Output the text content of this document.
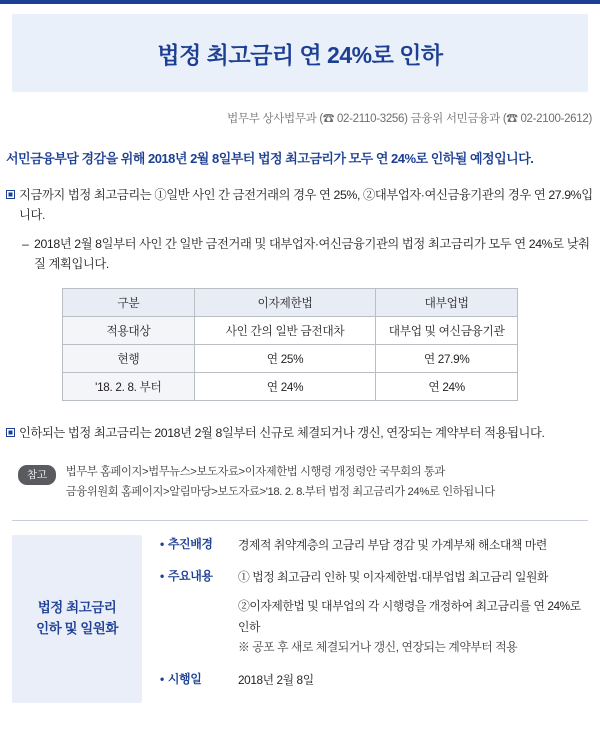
법정 최고금리 연 24%로 인하
법무부 상사법무과 (☎ 02-2110-3256) 금융위 서민금융과 (☎ 02-2100-2612)
서민금융부담 경감을 위해 2018년 2월 8일부터 법정 최고금리가 모두 연 24%로 인하될 예정입니다.
지금까지 법정 최고금리는 ①일반 사인 간 금전거래의 경우 연 25%, ②대부업자·여신금융기관의 경우 연 27.9%입니다.
– 2018년 2월 8일부터 사인 간 일반 금전거래 및 대부업자·여신금융기관의 법정 최고금리가 모두 연 24%로 낮춰질 계획입니다.
구분	이자제한법	대부업법
적용대상	사인 간의 일반 금전대차	대부업 및 여신금융기관
현행	연 25%	연 27.9%
'18. 2. 8. 부터	연 24%	연 24%
인하되는 법정 최고금리는 2018년 2월 8일부터 신규로 체결되거나 갱신, 연장되는 계약부터 적용됩니다.
참고	법무부 홈페이지>법무뉴스>보도자료>이자제한법 시행령 개정령안 국무회의 통과
금융위원회 홈페이지>알림마당>보도자료>'18. 2. 8.부터 법정 최고금리가 24%로 인하됩니다
법정 최고금리
인하 및 일원화
• 추진배경	경제적 취약계층의 고금리 부담 경감 및 가계부채 해소대책 마련
• 주요내용	① 법정 최고금리 인하 및 이자제한법·대부업법 최고금리 일원화
②이자제한법 및 대부업의 각 시행령을 개정하여 최고금리를 연 24%로 인하
※ 공포 후 새로 체결되거나 갱신, 연장되는 계약부터 적용
• 시행일	2018년 2월 8일
